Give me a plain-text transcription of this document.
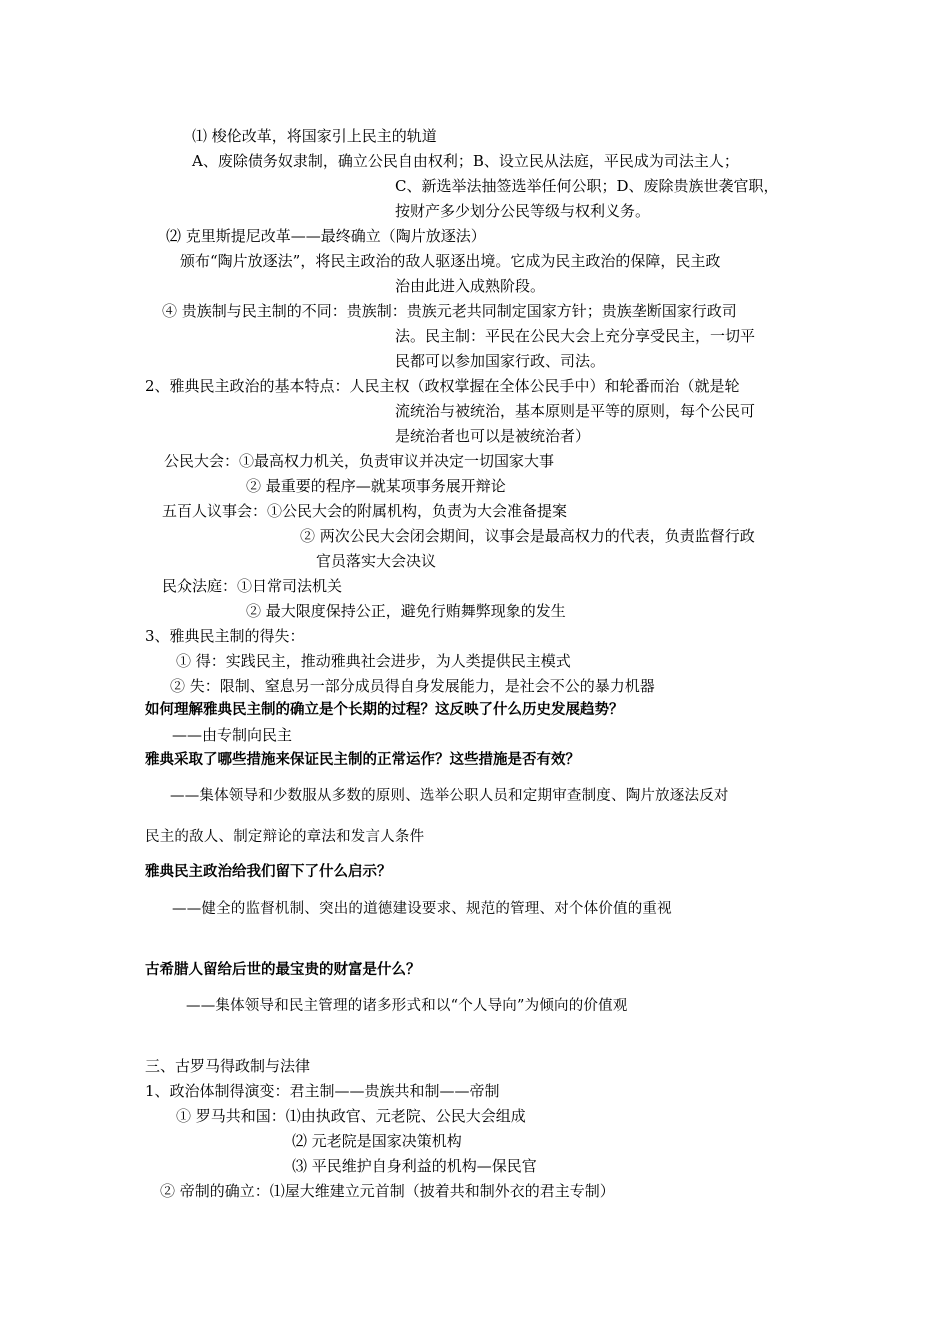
⑴ 梭伦改革，将国家引上民主的轨道
A、废除债务奴隶制，确立公民自由权利；B、设立民从法庭，平民成为司法主人；
C、新选举法抽签选举任何公职；D、废除贵族世袭官职，
按财产多少划分公民等级与权利义务。
⑵ 克里斯提尼改革——最终确立（陶片放逐法）
颁布“陶片放逐法”，将民主政治的敌人驱逐出境。它成为民主政治的保障，民主政
治由此进入成熟阶段。
④ 贵族制与民主制的不同：贵族制：贵族元老共同制定国家方针；贵族垄断国家行政司
法。民主制：平民在公民大会上充分享受民主，一切平
民都可以参加国家行政、司法。
2、雅典民主政治的基本特点：人民主权（政权掌握在全体公民手中）和轮番而治（就是轮
流统治与被统治，基本原则是平等的原则，每个公民可
是统治者也可以是被统治者）
公民大会：①最高权力机关，负责审议并决定一切国家大事
② 最重要的程序—就某项事务展开辩论
五百人议事会：①公民大会的附属机构，负责为大会准备提案
② 两次公民大会闭会期间，议事会是最高权力的代表，负责监督行政
官员落实大会决议
民众法庭：①日常司法机关
② 最大限度保持公正，避免行贿舞弊现象的发生
3、雅典民主制的得失：
① 得：实践民主，推动雅典社会进步，为人类提供民主模式
② 失：限制、窒息另一部分成员得自身发展能力，是社会不公的暴力机器
如何理解雅典民主制的确立是个长期的过程？这反映了什么历史发展趋势？
——由专制向民主
雅典采取了哪些措施来保证民主制的正常运作？这些措施是否有效？
——集体领导和少数服从多数的原则、选举公职人员和定期审查制度、陶片放逐法反对
民主的敌人、制定辩论的章法和发言人条件
雅典民主政治给我们留下了什么启示？
——健全的监督机制、突出的道德建设要求、规范的管理、对个体价值的重视
古希腊人留给后世的最宝贵的财富是什么？
——集体领导和民主管理的诸多形式和以“个人导向”为倾向的价值观
三、古罗马得政制与法律
1、政治体制得演变：君主制——贵族共和制——帝制
① 罗马共和国：⑴由执政官、元老院、公民大会组成
⑵ 元老院是国家决策机构
⑶ 平民维护自身利益的机构—保民官
② 帝制的确立：⑴屋大维建立元首制（披着共和制外衣的君主专制）
